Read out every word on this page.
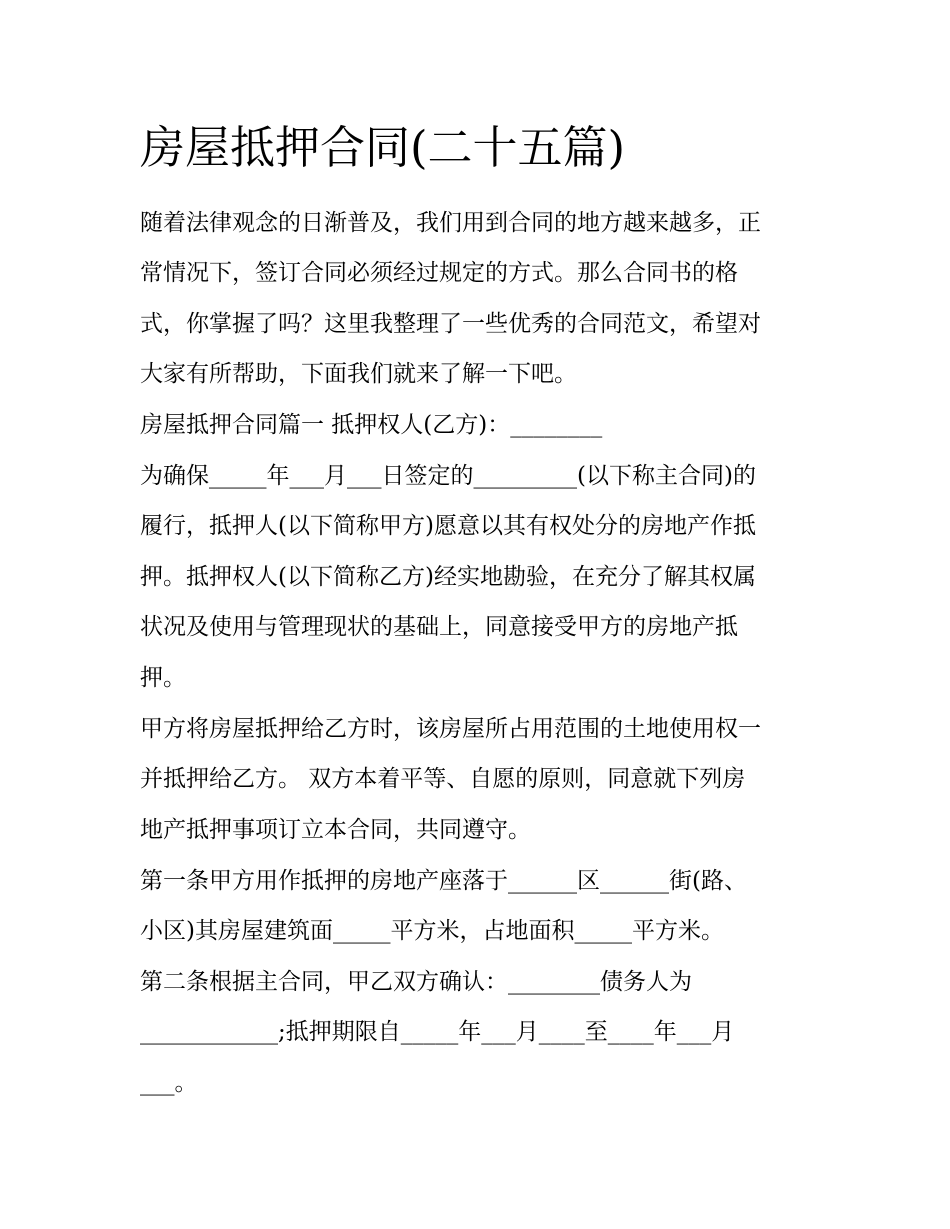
房屋抵押合同(二十五篇)

随着法律观念的日渐普及，我们用到合同的地方越来越多，正

常情况下，签订合同必须经过规定的方式。那么合同书的格

式，你掌握了吗？这里我整理了一些优秀的合同范文，希望对

大家有所帮助，下面我们就来了解一下吧。

房屋抵押合同篇一 抵押权人(乙方)：________

为确保_____年___月___日签定的_________(以下称主合同)的

履行，抵押人(以下简称甲方)愿意以其有权处分的房地产作抵

押。抵押权人(以下简称乙方)经实地勘验，在充分了解其权属

状况及使用与管理现状的基础上，同意接受甲方的房地产抵

押。

甲方将房屋抵押给乙方时，该房屋所占用范围的土地使用权一

并抵押给乙方。 双方本着平等、自愿的原则，同意就下列房

地产抵押事项订立本合同，共同遵守。

第一条甲方用作抵押的房地产座落于______区______街(路、

小区)其房屋建筑面_____平方米，占地面积_____平方米。

第二条根据主合同，甲乙双方确认：________债务人为

____________;抵押期限自_____年___月____至____年___月

___。
